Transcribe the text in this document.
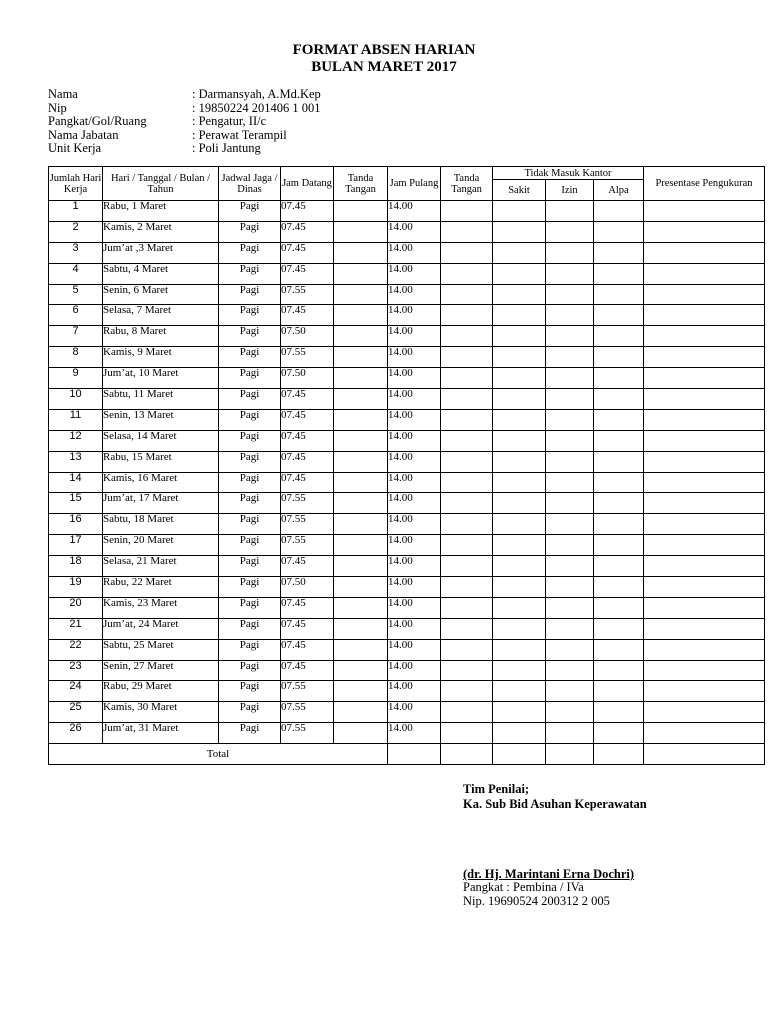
FORMAT ABSEN HARIAN
BULAN MARET 2017
Nama	: Darmansyah, A.Md.Kep
Nip	: 19850224 201406 1 001
Pangkat/Gol/Ruang	: Pengatur, II/c
Nama Jabatan	: Perawat Terampil
Unit Kerja	: Poli Jantung
Jumlah Hari Kerja	Hari / Tanggal / Bulan / Tahun	Jadwal Jaga / Dinas	Jam Datang	Tanda Tangan	Jam Pulang	Tanda Tangan	Tidak Masuk Kantor			Presentase Pengukuran
							Sakit	Izin	Alpa	
1	Rabu, 1 Maret	Pagi	07.45		14.00					
2	Kamis, 2 Maret	Pagi	07.45		14.00					
3	Jum’at ,3 Maret	Pagi	07.45		14.00					
4	Sabtu, 4 Maret	Pagi	07.45		14.00					
5	Senin, 6 Maret	Pagi	07.55		14.00					
6	Selasa, 7 Maret	Pagi	07.45		14.00					
7	Rabu, 8 Maret	Pagi	07.50		14.00					
8	Kamis, 9 Maret	Pagi	07.55		14.00					
9	Jum’at, 10 Maret	Pagi	07.50		14.00					
10	Sabtu, 11 Maret	Pagi	07.45		14.00					
11	Senin, 13 Maret	Pagi	07.45		14.00					
12	Selasa, 14 Maret	Pagi	07.45		14.00					
13	Rabu, 15 Maret	Pagi	07.45		14.00					
14	Kamis, 16 Maret	Pagi	07.45		14.00					
15	Jum’at, 17 Maret	Pagi	07.55		14.00					
16	Sabtu, 18 Maret	Pagi	07.55		14.00					
17	Senin, 20 Maret	Pagi	07.55		14.00					
18	Selasa, 21 Maret	Pagi	07.45		14.00					
19	Rabu, 22 Maret	Pagi	07.50		14.00					
20	Kamis, 23 Maret	Pagi	07.45		14.00					
21	Jum’at, 24 Maret	Pagi	07.45		14.00					
22	Sabtu, 25 Maret	Pagi	07.45		14.00					
23	Senin, 27 Maret	Pagi	07.45		14.00					
24	Rabu, 29 Maret	Pagi	07.55		14.00					
25	Kamis, 30 Maret	Pagi	07.55		14.00					
26	Jum’at, 31 Maret	Pagi	07.55		14.00					
Total										
Tim Penilai;
Ka. Sub Bid Asuhan Keperawatan
(dr. Hj. Marintani Erna Dochri)
Pangkat : Pembina / IVa
Nip. 19690524 200312 2 005
